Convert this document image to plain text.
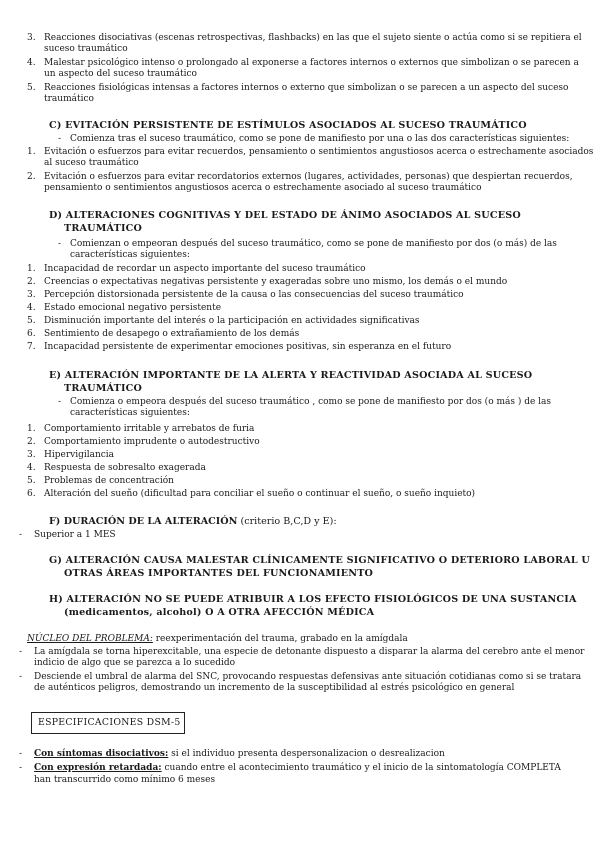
3. Reacciones disociativas (escenas retrospectivas, flashbacks) en las que el sujeto siente o actúa como si se repitiera el
suceso traumático
4. Malestar psicológico intenso o prolongado al exponerse a factores internos o externos que simbolizan o se parecen a
un aspecto del suceso traumático
5. Reacciones fisiológicas intensas a factores internos o externo que simbolizan o se parecen a un aspecto del suceso
traumático
C) EVITACIÓN PERSISTENTE DE ESTÍMULOS ASOCIADOS AL SUCESO TRAUMÁTICO
- Comienza tras el suceso traumático, como se pone de manifiesto por una o las dos características siguientes:
1. Evitación o esfuerzos para evitar recuerdos, pensamiento o sentimientos angustiosos acerca o estrechamente asociados
al suceso traumático
2. Evitación o esfuerzos para evitar recordatorios externos (lugares, actividades, personas) que despiertan recuerdos,
pensamiento o sentimientos angustiosos acerca o estrechamente asociado al suceso traumático
D) ALTERACIONES COGNITIVAS Y DEL ESTADO DE ÁNIMO ASOCIADOS AL SUCESO
TRAUMÁTICO
- Comienzan o empeoran después del suceso traumático, como se pone de manifiesto por dos (o más) de las
características siguientes:
1. Incapacidad de recordar un aspecto importante del suceso traumático
2. Creencias o expectativas negativas persistente y exageradas sobre uno mismo, los demás o el mundo
3. Percepción distorsionada persistente de la causa o las consecuencias del suceso traumático
4. Estado emocional negativo persistente
5. Disminución importante del interés o la participación en actividades significativas
6. Sentimiento de desapego o extrañamiento de los demás
7. Incapacidad persistente de experimentar emociones positivas, sin esperanza en el futuro
E) ALTERACIÓN IMPORTANTE DE LA ALERTA Y REACTIVIDAD ASOCIADA AL SUCESO
TRAUMÁTICO
- Comienza o empeora después del suceso traumático , como se pone de manifiesto por dos (o más ) de las
características siguientes:
1. Comportamiento irritable y arrebatos de furia
2. Comportamiento imprudente o autodestructivo
3. Hipervigilancia
4. Respuesta de sobresalto exagerada
5. Problemas de concentración
6. Alteración del sueño (dificultad para conciliar el sueño o continuar el sueño, o sueño inquieto)
F) DURACIÓN DE LA ALTERACIÓN (criterio B,C,D y E):
- Superior a 1 MES
G) ALTERACIÓN CAUSA MALESTAR CLÍNICAMENTE SIGNIFICATIVO O DETERIORO LABORAL U
OTRAS ÁREAS IMPORTANTES DEL FUNCIONAMIENTO
H) ALTERACIÓN NO SE PUEDE ATRIBUIR A LOS EFECTO FISIOLÓGICOS DE UNA SUSTANCIA
(medicamentos, alcohol) O A OTRA AFECCIÓN MÉDICA
NÚCLEO DEL PROBLEMA: reexperimentación del trauma, grabado en la amígdala
- La amígdala se torna hiperexcitable, una especie de detonante dispuesto a disparar la alarma del cerebro ante el menor
indicio de algo que se parezca a lo sucedido
- Desciende el umbral de alarma del SNC, provocando respuestas defensivas ante situación cotidianas como si se tratara
de auténticos peligros, demostrando un incremento de la susceptibilidad al estrés psicológico en general
ESPECIFICACIONES DSM-5
- Con síntomas disociativos: si el individuo presenta despersonalizacion o desrealizacion
- Con expresión retardada: cuando entre el acontecimiento traumático y el inicio de la sintomatología COMPLETA
han transcurrido como mínimo 6 meses
